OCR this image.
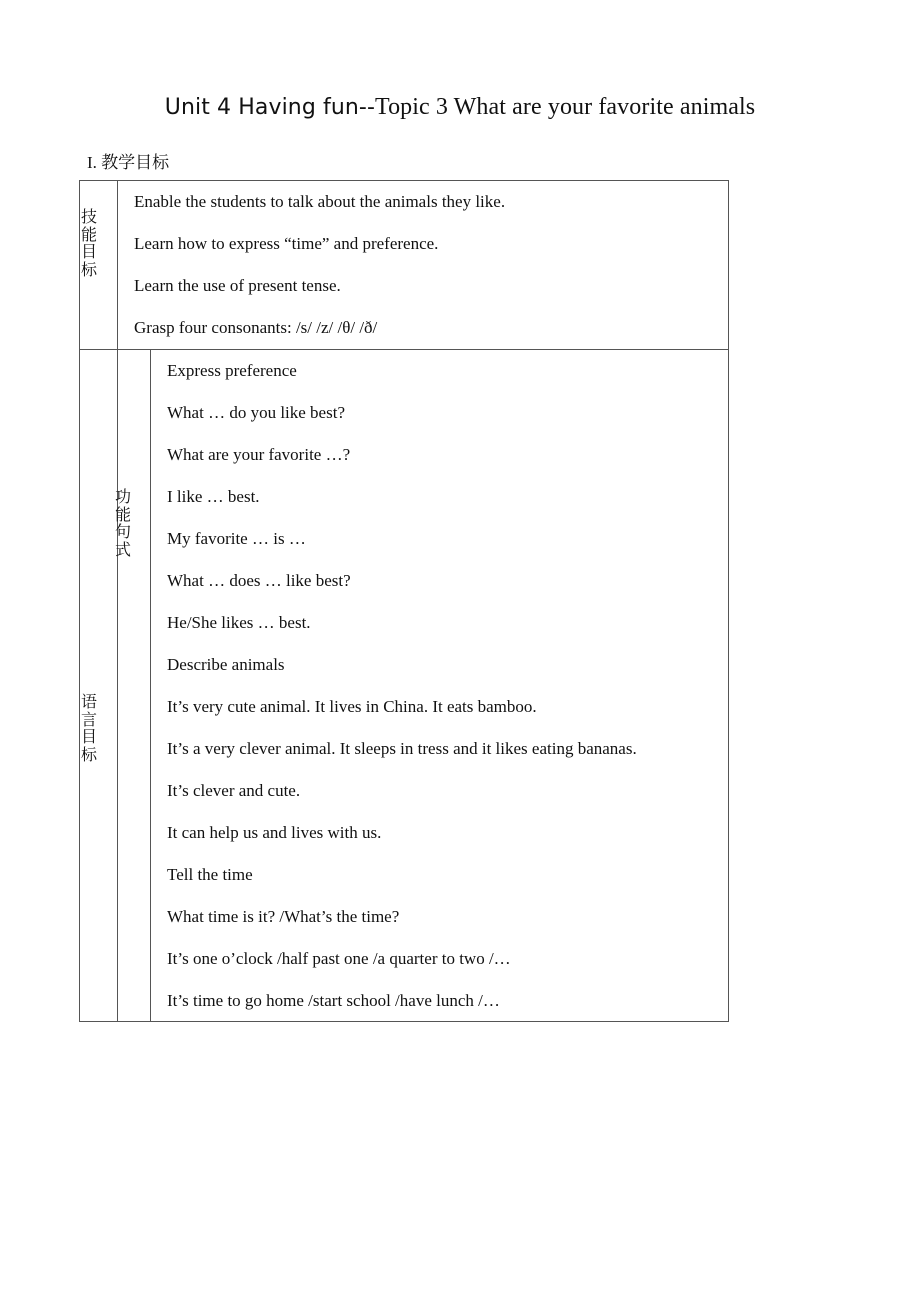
Unit 4 Having fun--Topic 3 What are your favorite animals
I. 教学目标
技
能
目
标
语
言
目
标
功
能
句
式
Enable the students to talk about the animals they like.
Learn how to express “time” and preference.
Learn the use of present tense.
Grasp four consonants: /s/ /z/ /θ/ /ð/
Express preference
What … do you like best?
What are your favorite …?
I like … best.
My favorite … is …
What … does … like best?
He/She likes … best.
Describe animals
It’s very cute animal. It lives in China. It eats bamboo.
It’s a very clever animal. It sleeps in tress and it likes eating bananas.
It’s clever and cute.
It can help us and lives with us.
Tell the time
What time is it? /What’s the time?
It’s one o’clock /half past one /a quarter to two /…
It’s time to go home /start school /have lunch /…
